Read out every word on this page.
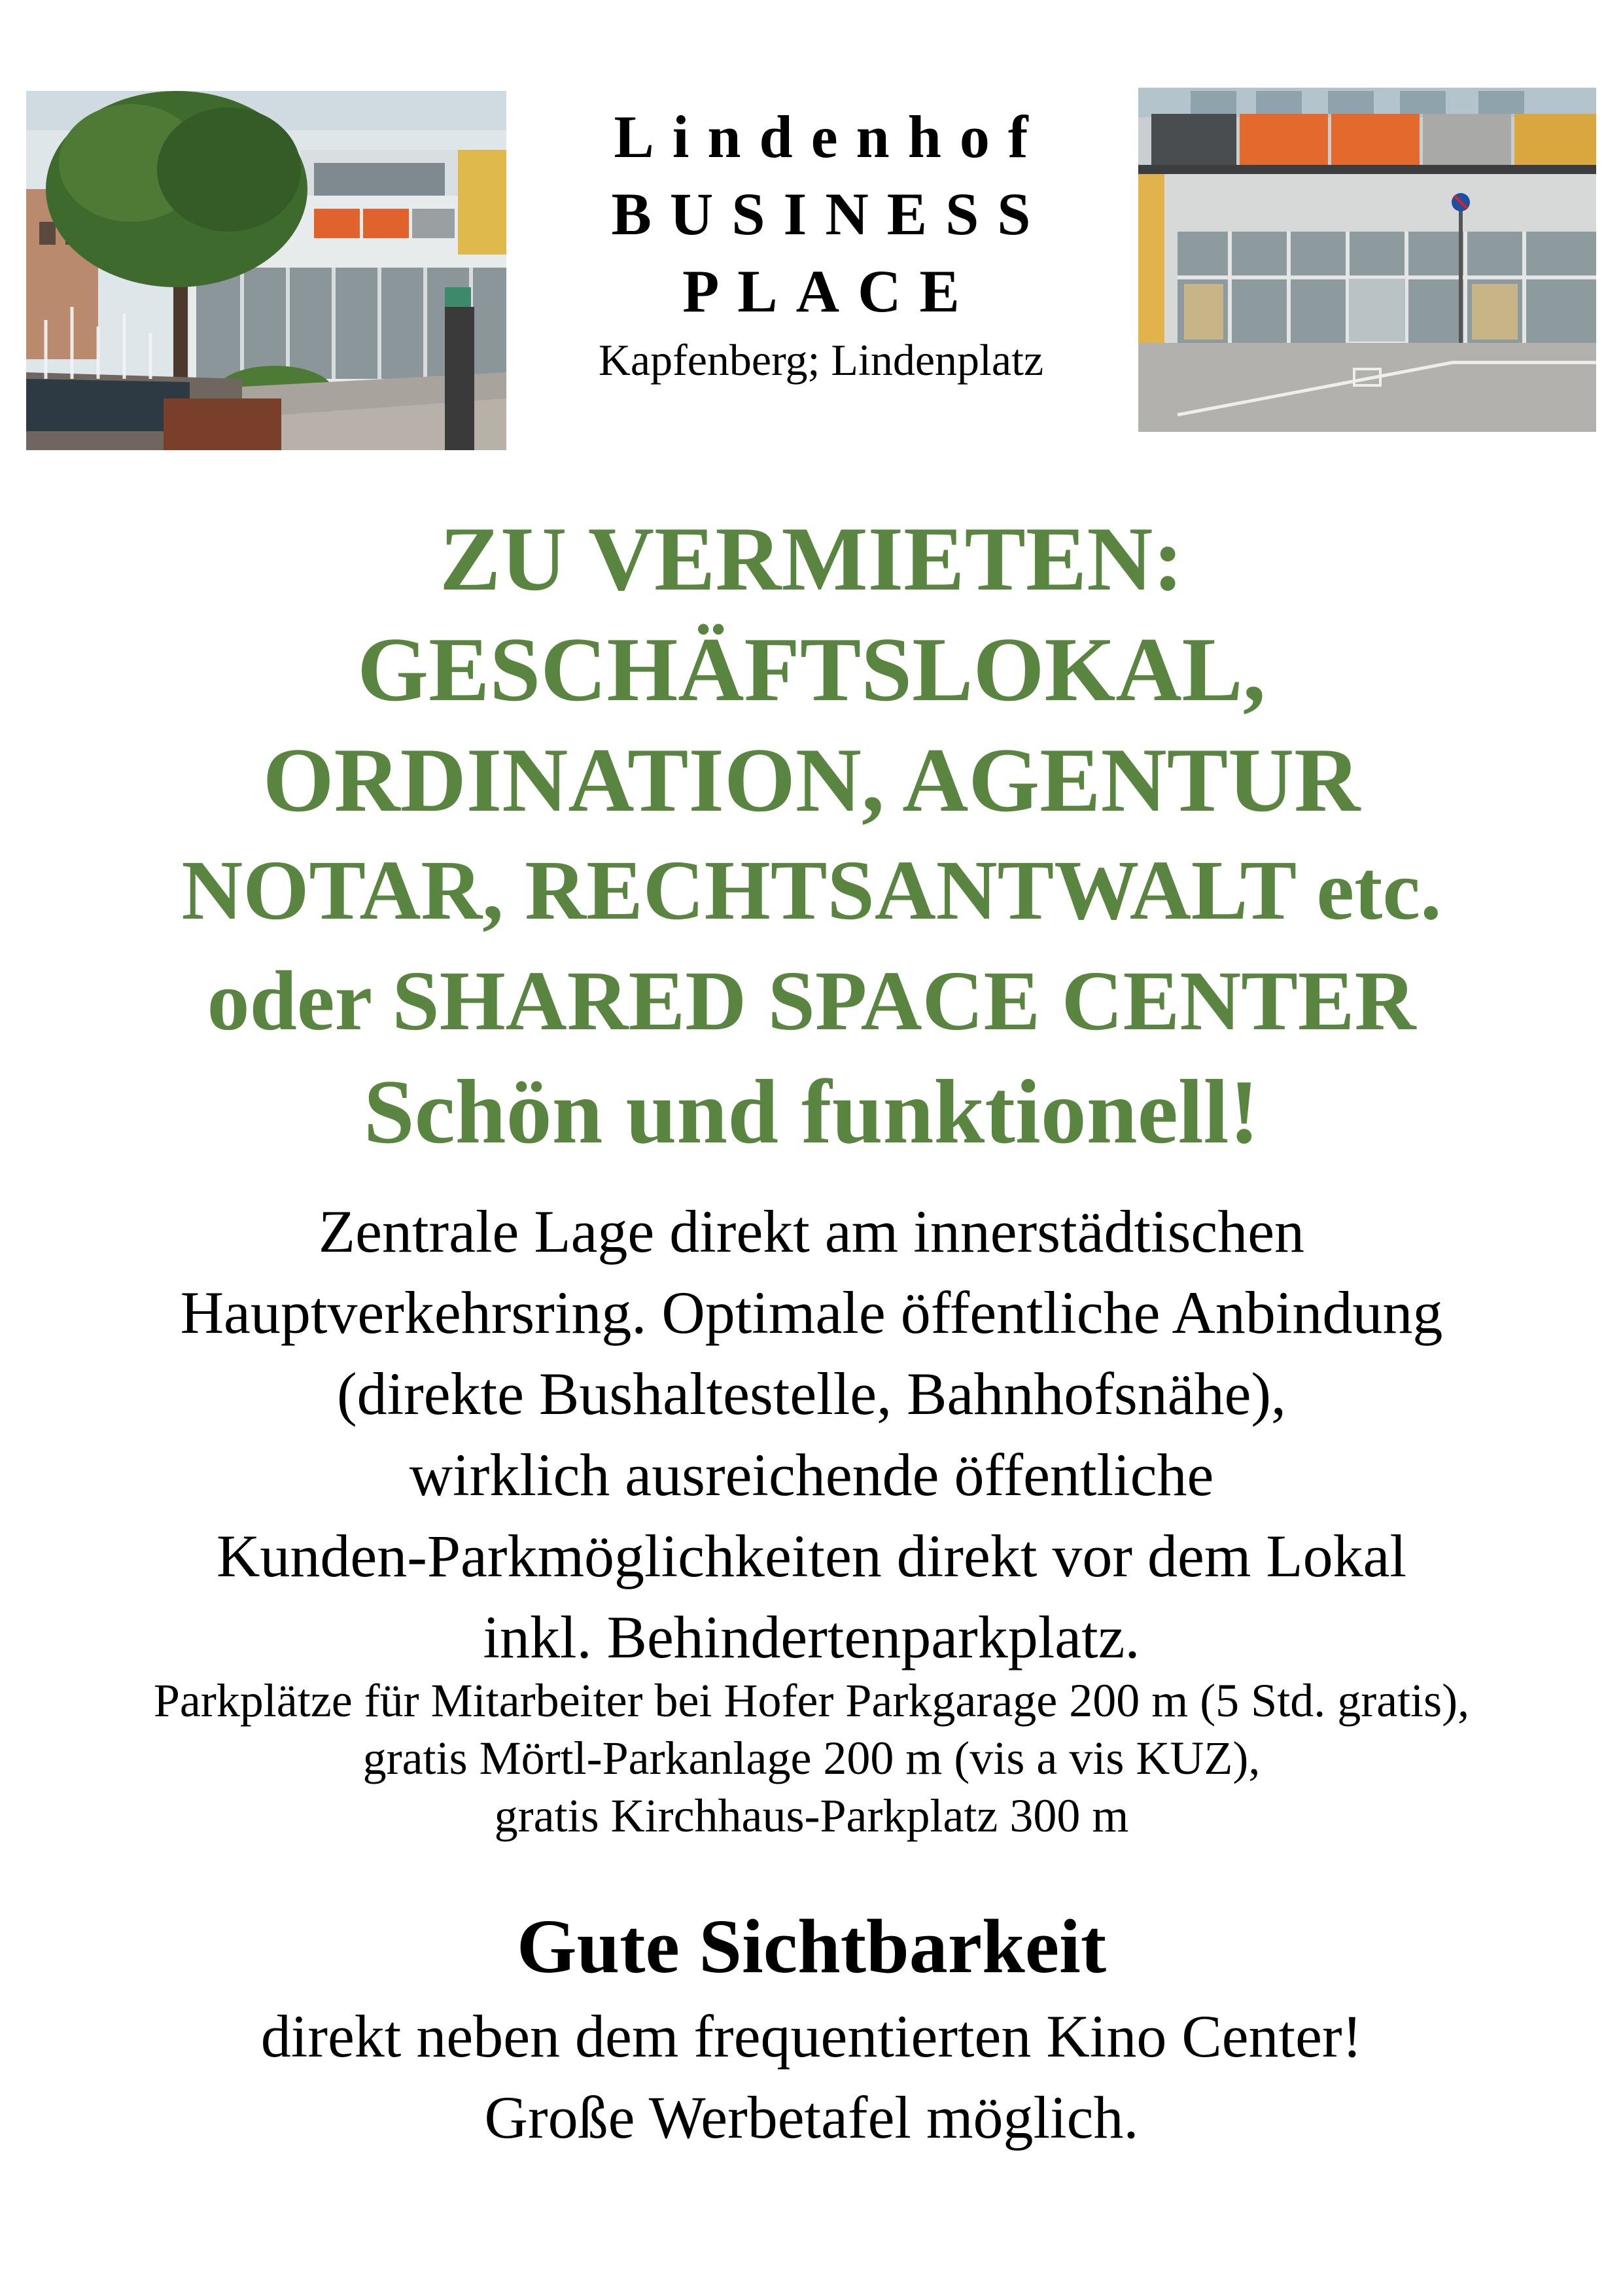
Lindenhof
BUSINESS
PLACE
Kapfenberg; Lindenplatz
ZU VERMIETEN:
GESCHÄFTSLOKAL,
ORDINATION, AGENTUR
NOTAR, RECHTSANTWALT etc.
oder SHARED SPACE CENTER
Schön und funktionell!
Zentrale Lage direkt am innerstädtischen
Hauptverkehrsring. Optimale öffentliche Anbindung
(direkte Bushaltestelle, Bahnhofsnähe),
wirklich ausreichende öffentliche
Kunden-Parkmöglichkeiten direkt vor dem Lokal
inkl. Behindertenparkplatz.
Parkplätze für Mitarbeiter bei Hofer Parkgarage 200 m (5 Std. gratis),
gratis Mörtl-Parkanlage 200 m (vis a vis KUZ),
gratis Kirchhaus-Parkplatz 300 m
Gute Sichtbarkeit
direkt neben dem frequentierten Kino Center!
Große Werbetafel möglich.
